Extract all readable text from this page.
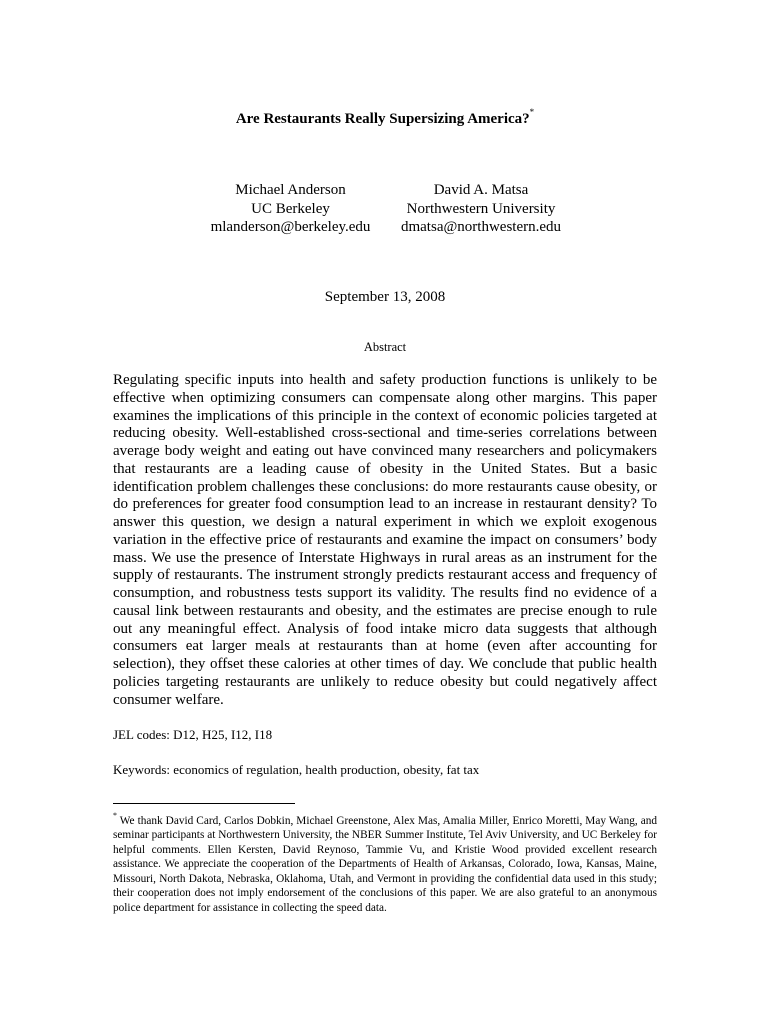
Are Restaurants Really Supersizing America?*
Michael Anderson
UC Berkeley
mlanderson@berkeley.edu
David A. Matsa
Northwestern University
dmatsa@northwestern.edu
September 13, 2008
Abstract

Regulating specific inputs into health and safety production functions is unlikely to be effective when optimizing consumers can compensate along other margins. This paper examines the implications of this principle in the context of economic policies targeted at reducing obesity. Well-established cross-sectional and time-series correlations between average body weight and eating out have convinced many researchers and policymakers that restaurants are a leading cause of obesity in the United States. But a basic identification problem challenges these conclusions: do more restaurants cause obesity, or do preferences for greater food consumption lead to an increase in restaurant density? To answer this question, we design a natural experiment in which we exploit exogenous variation in the effective price of restaurants and examine the impact on consumers’ body mass. We use the presence of Interstate Highways in rural areas as an instrument for the supply of restaurants. The instrument strongly predicts restaurant access and frequency of consumption, and robustness tests support its validity. The results find no evidence of a causal link between restaurants and obesity, and the estimates are precise enough to rule out any meaningful effect. Analysis of food intake micro data suggests that although consumers eat larger meals at restaurants than at home (even after accounting for selection), they offset these calories at other times of day. We conclude that public health policies targeting restaurants are unlikely to reduce obesity but could negatively affect consumer welfare.

JEL codes: D12, H25, I12, I18
Keywords: economics of regulation, health production, obesity, fat tax

* We thank David Card, Carlos Dobkin, Michael Greenstone, Alex Mas, Amalia Miller, Enrico Moretti, May Wang, and seminar participants at Northwestern University, the NBER Summer Institute, Tel Aviv University, and UC Berkeley for helpful comments. Ellen Kersten, David Reynoso, Tammie Vu, and Kristie Wood provided excellent research assistance. We appreciate the cooperation of the Departments of Health of Arkansas, Colorado, Iowa, Kansas, Maine, Missouri, North Dakota, Nebraska, Oklahoma, Utah, and Vermont in providing the confidential data used in this study; their cooperation does not imply endorsement of the conclusions of this paper. We are also grateful to an anonymous police department for assistance in collecting the speed data.
